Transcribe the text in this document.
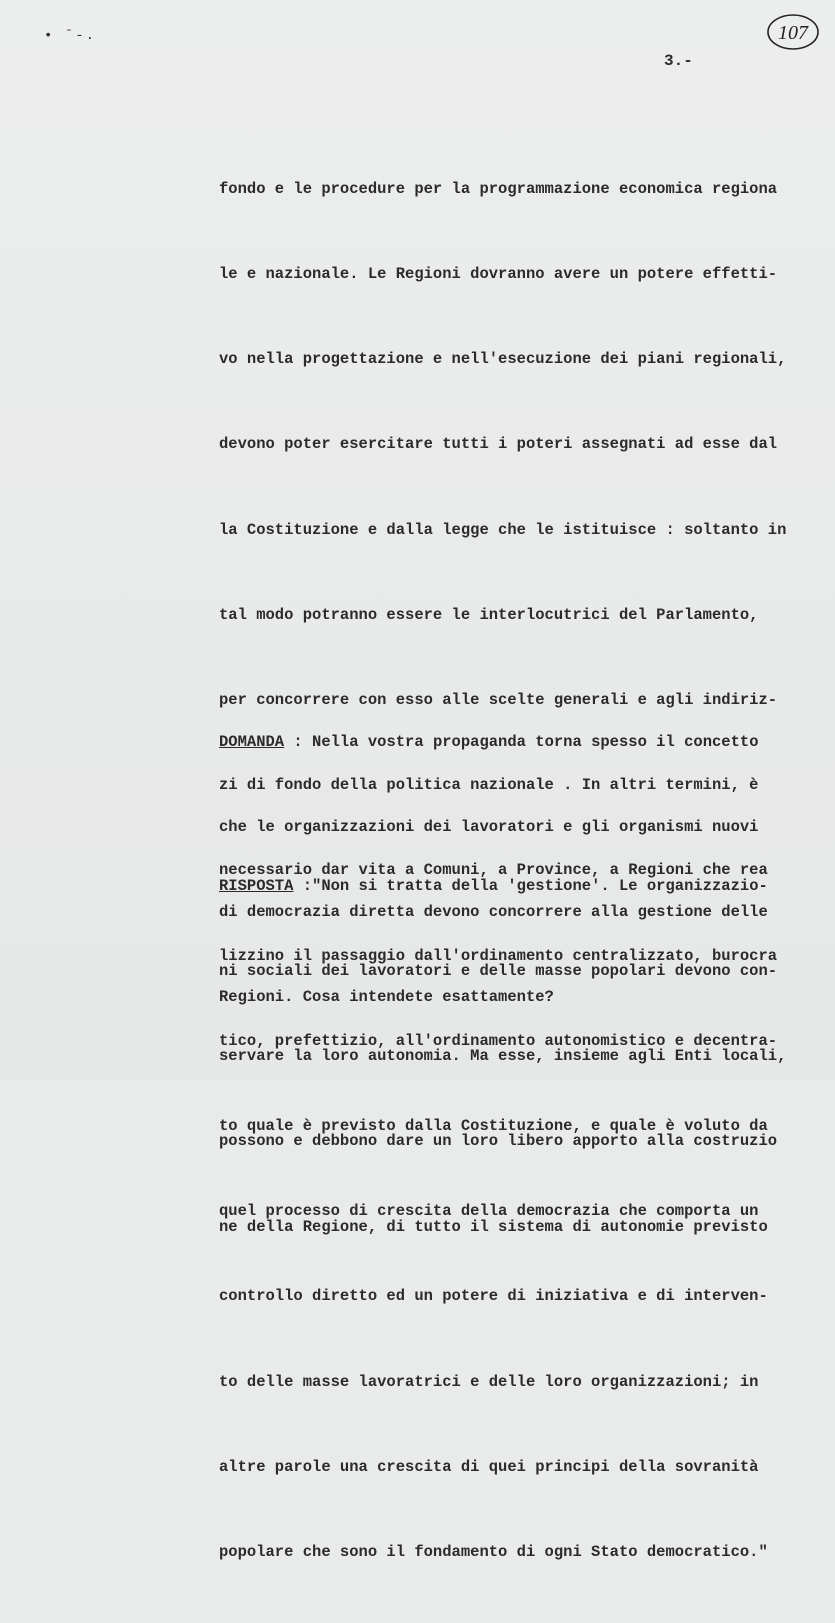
• ˉ-.	107
3.-

fondo e le procedure per la programmazione economica regiona

le e nazionale. Le Regioni dovranno avere un potere effetti-

vo nella progettazione e nell'esecuzione dei piani regionali,

devono poter esercitare tutti i poteri assegnati ad esse dal

la Costituzione e dalla legge che le istituisce : soltanto in

tal modo potranno essere le interlocutrici del Parlamento,

per concorrere con esso alle scelte generali e agli indiriz-

zi di fondo della politica nazionale . In altri termini, è

necessario dar vita a Comuni, a Province, a Regioni che rea

lizzino il passaggio dall'ordinamento centralizzato, burocra

tico, prefettizio, all'ordinamento autonomistico e decentra-

to quale è previsto dalla Costituzione, e quale è voluto da

quel processo di crescita della democrazia che comporta un

controllo diretto ed un potere di iniziativa e di interven-

to delle masse lavoratrici e delle loro organizzazioni; in

altre parole una crescita di quei principi della sovranità

popolare che sono il fondamento di ogni Stato democratico."

DOMANDA : Nella vostra propaganda torna spesso il concetto

che le organizzazioni dei lavoratori e gli organismi nuovi

di democrazia diretta devono concorrere alla gestione delle

Regioni. Cosa intendete esattamente?

RISPOSTA :"Non si tratta della 'gestione'. Le organizzazio-

ni sociali dei lavoratori e delle masse popolari devono con-

servare la loro autonomia. Ma esse, insieme agli Enti locali,

possono e debbono dare un loro libero apporto alla costruzio

ne della Regione, di tutto il sistema di autonomie previsto
